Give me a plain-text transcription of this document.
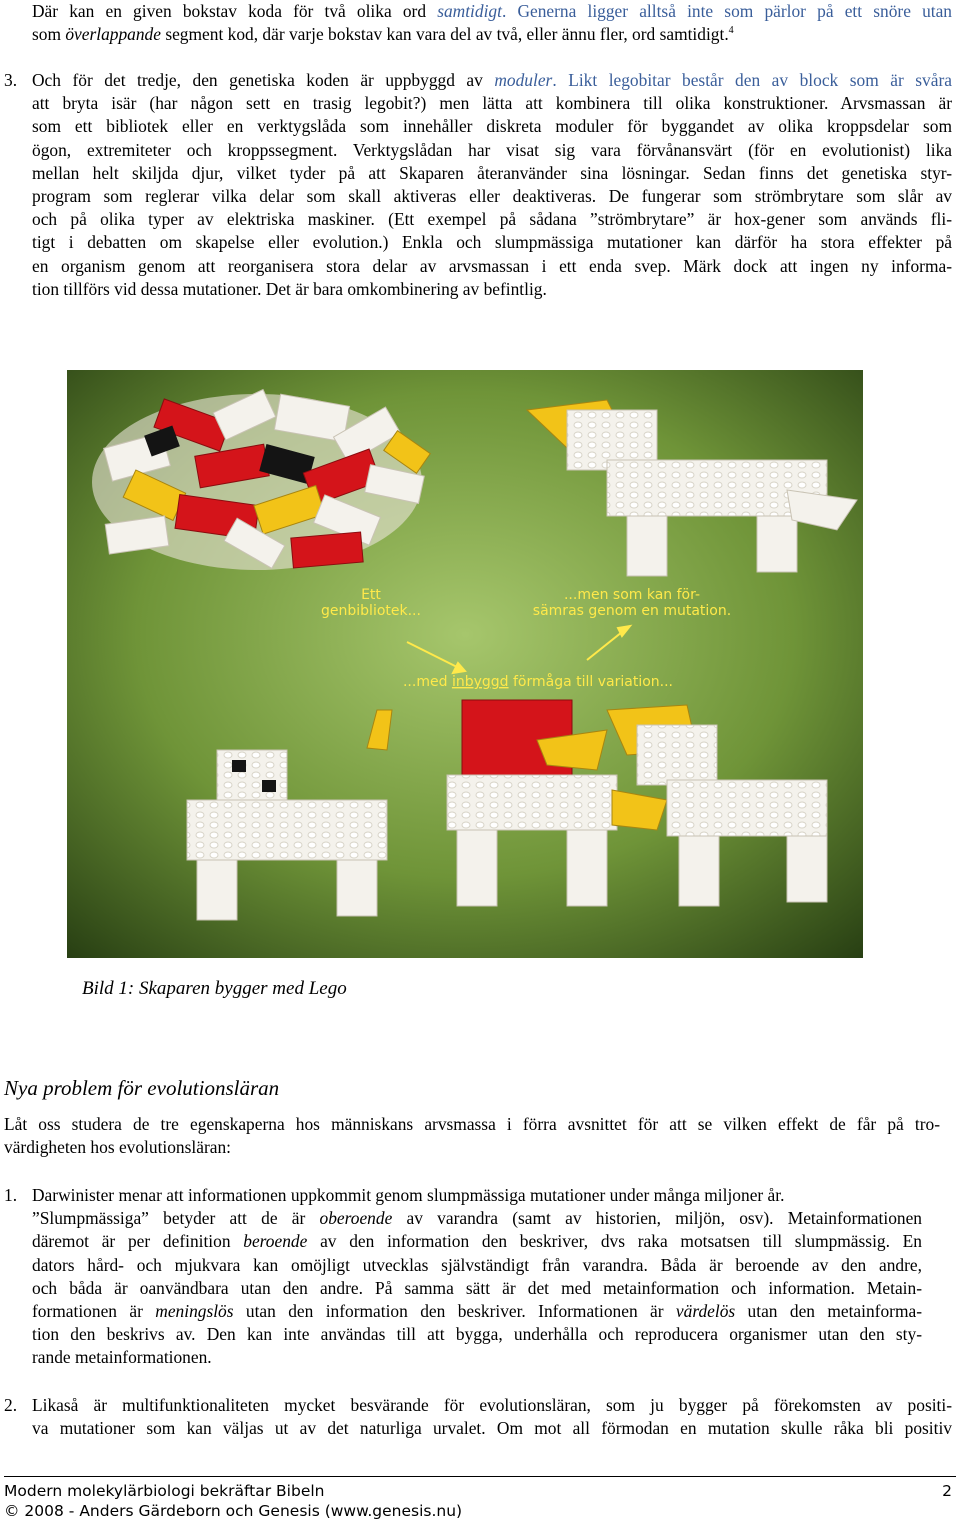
Där kan en given bokstav koda för två olika ord samtidigt. Generna ligger alltså inte som pärlor på ett snöre utan
som överlappande segment kod, där varje bokstav kan vara del av två, eller ännu fler, ord samtidigt.$^4$
3. Och för det tredje, den genetiska koden är uppbyggd av moduler. Likt legobitar består den av block som är svåra
att bryta isär (har någon sett en trasig legobit?) men lätta att kombinera till olika konstruktioner. Arvsmassan är
som ett bibliotek eller en verktygslåda som innehåller diskreta moduler för byggandet av olika kroppsdelar som
ögon, extremiteter och kroppssegment. Verktygslådan har visat sig vara förvånansvärt (för en evolutionist) lika
mellan helt skiljda djur, vilket tyder på att Skaparen återanvänder sina lösningar. Sedan finns det genetiska styr-
program som reglerar vilka delar som skall aktiveras eller deaktiveras. De fungerar som strömbrytare som slår av
och på olika typer av elektriska maskiner. (Ett exempel på sådana ”strömbrytare” är hox-gener som används fli-
tigt i debatten om skapelse eller evolution.) Enkla och slumpmässiga mutationer kan därför ha stora effekter på
en organism genom att reorganisera stora delar av arvsmassan i ett enda svep. Märk dock att ingen ny informa-
tion tillförs vid dessa mutationer. Det är bara omkombinering av befintlig.
Ett
genbibliotek...
...men som kan för-
sämras genom en mutation.
...med inbyggd förmåga till variation...
Bild 1: Skaparen bygger med Lego
Nya problem för evolutionsläran
Låt oss studera de tre egenskaperna hos människans arvsmassa i förra avsnittet för att se vilken effekt de får på tro-
värdigheten hos evolutionsläran:
1. Darwinister menar att informationen uppkommit genom slumpmässiga mutationer under många miljoner år.
”Slumpmässiga” betyder att de är oberoende av varandra (samt av historien, miljön, osv). Metainformationen
däremot är per definition beroende av den information den beskriver, dvs raka motsatsen till slumpmässig. En
dators hård- och mjukvara kan omöjligt utvecklas självständigt från varandra. Båda är beroende av den andre,
och båda är oanvändbara utan den andre. På samma sätt är det med metainformation och information. Metain-
formationen är meningslös utan den information den beskriver. Informationen är värdelös utan den metainforma-
tion den beskrivs av. Den kan inte användas till att bygga, underhålla och reproducera organismer utan den sty-
rande metainformationen.
2. Likaså är multifunktionaliteten mycket besvärande för evolutionsläran, som ju bygger på förekomsten av positi-
va mutationer som kan väljas ut av det naturliga urvalet. Om mot all förmodan en mutation skulle råka bli positiv
Modern molekylärbiologi bekräftar Bibeln
© 2008 - Anders Gärdeborn och Genesis (www.genesis.nu)
2
